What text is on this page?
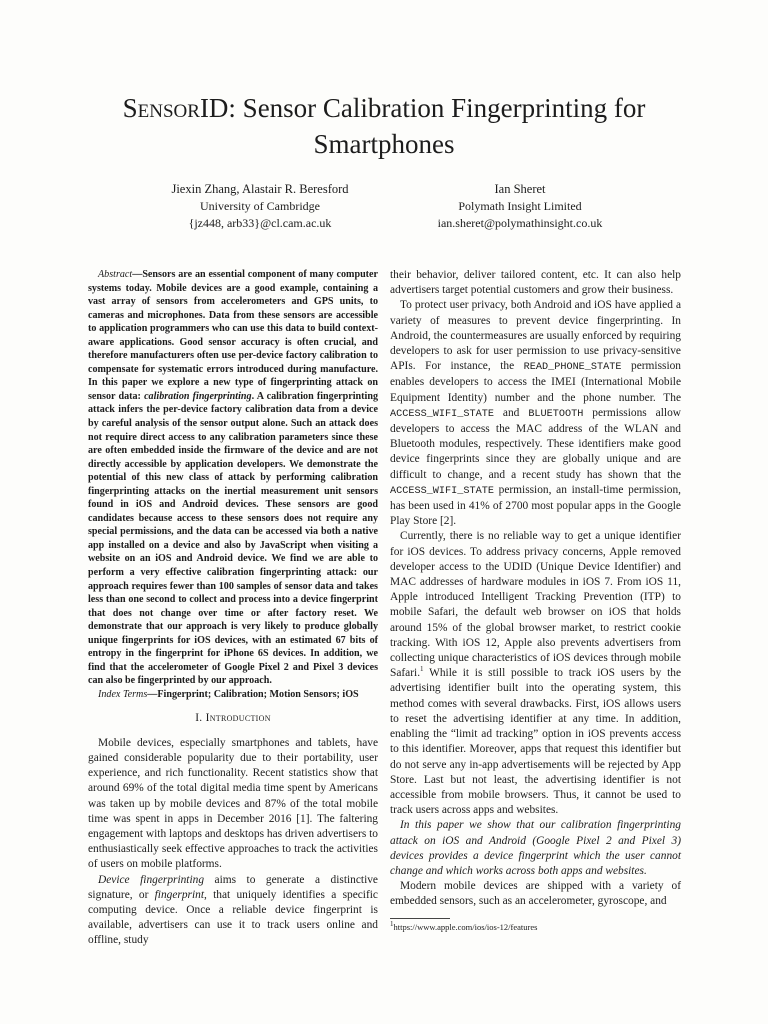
SensorID: Sensor Calibration Fingerprinting for
Smartphones
Jiexin Zhang, Alastair R. Beresford
University of Cambridge
{jz448, arb33}@cl.cam.ac.uk
Ian Sheret
Polymath Insight Limited
ian.sheret@polymathinsight.co.uk

Abstract—Sensors are an essential component of many computer systems today. Mobile devices are a good example, containing a vast array of sensors from accelerometers and GPS units, to cameras and microphones. Data from these sensors are accessible to application programmers who can use this data to build context-aware applications. Good sensor accuracy is often crucial, and therefore manufacturers often use per-device factory calibration to compensate for systematic errors introduced during manufacture. In this paper we explore a new type of fingerprinting attack on sensor data: calibration fingerprinting. A calibration fingerprinting attack infers the per-device factory calibration data from a device by careful analysis of the sensor output alone. Such an attack does not require direct access to any calibration parameters since these are often embedded inside the firmware of the device and are not directly accessible by application developers. We demonstrate the potential of this new class of attack by performing calibration fingerprinting attacks on the inertial measurement unit sensors found in iOS and Android devices. These sensors are good candidates because access to these sensors does not require any special permissions, and the data can be accessed via both a native app installed on a device and also by JavaScript when visiting a website on an iOS and Android device. We find we are able to perform a very effective calibration fingerprinting attack: our approach requires fewer than 100 samples of sensor data and takes less than one second to collect and process into a device fingerprint that does not change over time or after factory reset. We demonstrate that our approach is very likely to produce globally unique fingerprints for iOS devices, with an estimated 67 bits of entropy in the fingerprint for iPhone 6S devices. In addition, we find that the accelerometer of Google Pixel 2 and Pixel 3 devices can also be fingerprinted by our approach.

Index Terms—Fingerprint; Calibration; Motion Sensors; iOS

I. Introduction

Mobile devices, especially smartphones and tablets, have gained considerable popularity due to their portability, user experience, and rich functionality. Recent statistics show that around 69% of the total digital media time spent by Americans was taken up by mobile devices and 87% of the total mobile time was spent in apps in December 2016 [1]. The faltering engagement with laptops and desktops has driven advertisers to enthusiastically seek effective approaches to track the activities of users on mobile platforms.

Device fingerprinting aims to generate a distinctive signature, or fingerprint, that uniquely identifies a specific computing device. Once a reliable device fingerprint is available, advertisers can use it to track users online and offline, study

their behavior, deliver tailored content, etc. It can also help advertisers target potential customers and grow their business.

To protect user privacy, both Android and iOS have applied a variety of measures to prevent device fingerprinting. In Android, the countermeasures are usually enforced by requiring developers to ask for user permission to use privacy-sensitive APIs. For instance, the READ_PHONE_STATE permission enables developers to access the IMEI (International Mobile Equipment Identity) number and the phone number. The ACCESS_WIFI_STATE and BLUETOOTH permissions allow developers to access the MAC address of the WLAN and Bluetooth modules, respectively. These identifiers make good device fingerprints since they are globally unique and are difficult to change, and a recent study has shown that the ACCESS_WIFI_STATE permission, an install-time permission, has been used in 41% of 2700 most popular apps in the Google Play Store [2].

Currently, there is no reliable way to get a unique identifier for iOS devices. To address privacy concerns, Apple removed developer access to the UDID (Unique Device Identifier) and MAC addresses of hardware modules in iOS 7. From iOS 11, Apple introduced Intelligent Tracking Prevention (ITP) to mobile Safari, the default web browser on iOS that holds around 15% of the global browser market, to restrict cookie tracking. With iOS 12, Apple also prevents advertisers from collecting unique characteristics of iOS devices through mobile Safari.$^1$ While it is still possible to track iOS users by the advertising identifier built into the operating system, this method comes with several drawbacks. First, iOS allows users to reset the advertising identifier at any time. In addition, enabling the “limit ad tracking” option in iOS prevents access to this identifier. Moreover, apps that request this identifier but do not serve any in-app advertisements will be rejected by App Store. Last but not least, the advertising identifier is not accessible from mobile browsers. Thus, it cannot be used to track users across apps and websites.

In this paper we show that our calibration fingerprinting attack on iOS and Android (Google Pixel 2 and Pixel 3) devices provides a device fingerprint which the user cannot change and which works across both apps and websites.

Modern mobile devices are shipped with a variety of embedded sensors, such as an accelerometer, gyroscope, and

$^1$https://www.apple.com/ios/ios-12/features
